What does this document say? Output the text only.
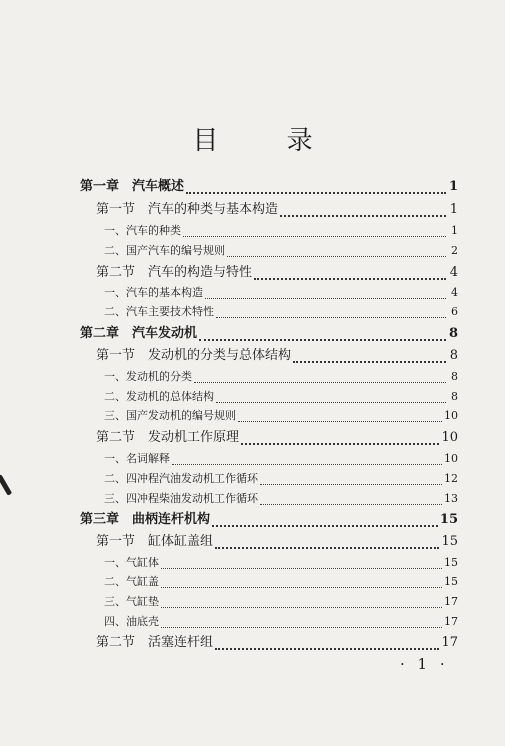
目 录
第一章　汽车概述	1
第一节　汽车的种类与基本构造	1
一、汽车的种类	1
二、国产汽车的编号规则	2
第二节　汽车的构造与特性	4
一、汽车的基本构造	4
二、汽车主要技术特性	6
第二章　汽车发动机	8
第一节　发动机的分类与总体结构	8
一、发动机的分类	8
二、发动机的总体结构	8
三、国产发动机的编号规则	10
第二节　发动机工作原理	10
一、名词解释	10
二、四冲程汽油发动机工作循环	12
三、四冲程柴油发动机工作循环	13
第三章　曲柄连杆机构	15
第一节　缸体缸盖组	15
一、气缸体	15
二、气缸盖	15
三、气缸垫	17
四、油底壳	17
第二节　活塞连杆组	17
· 1 ·
